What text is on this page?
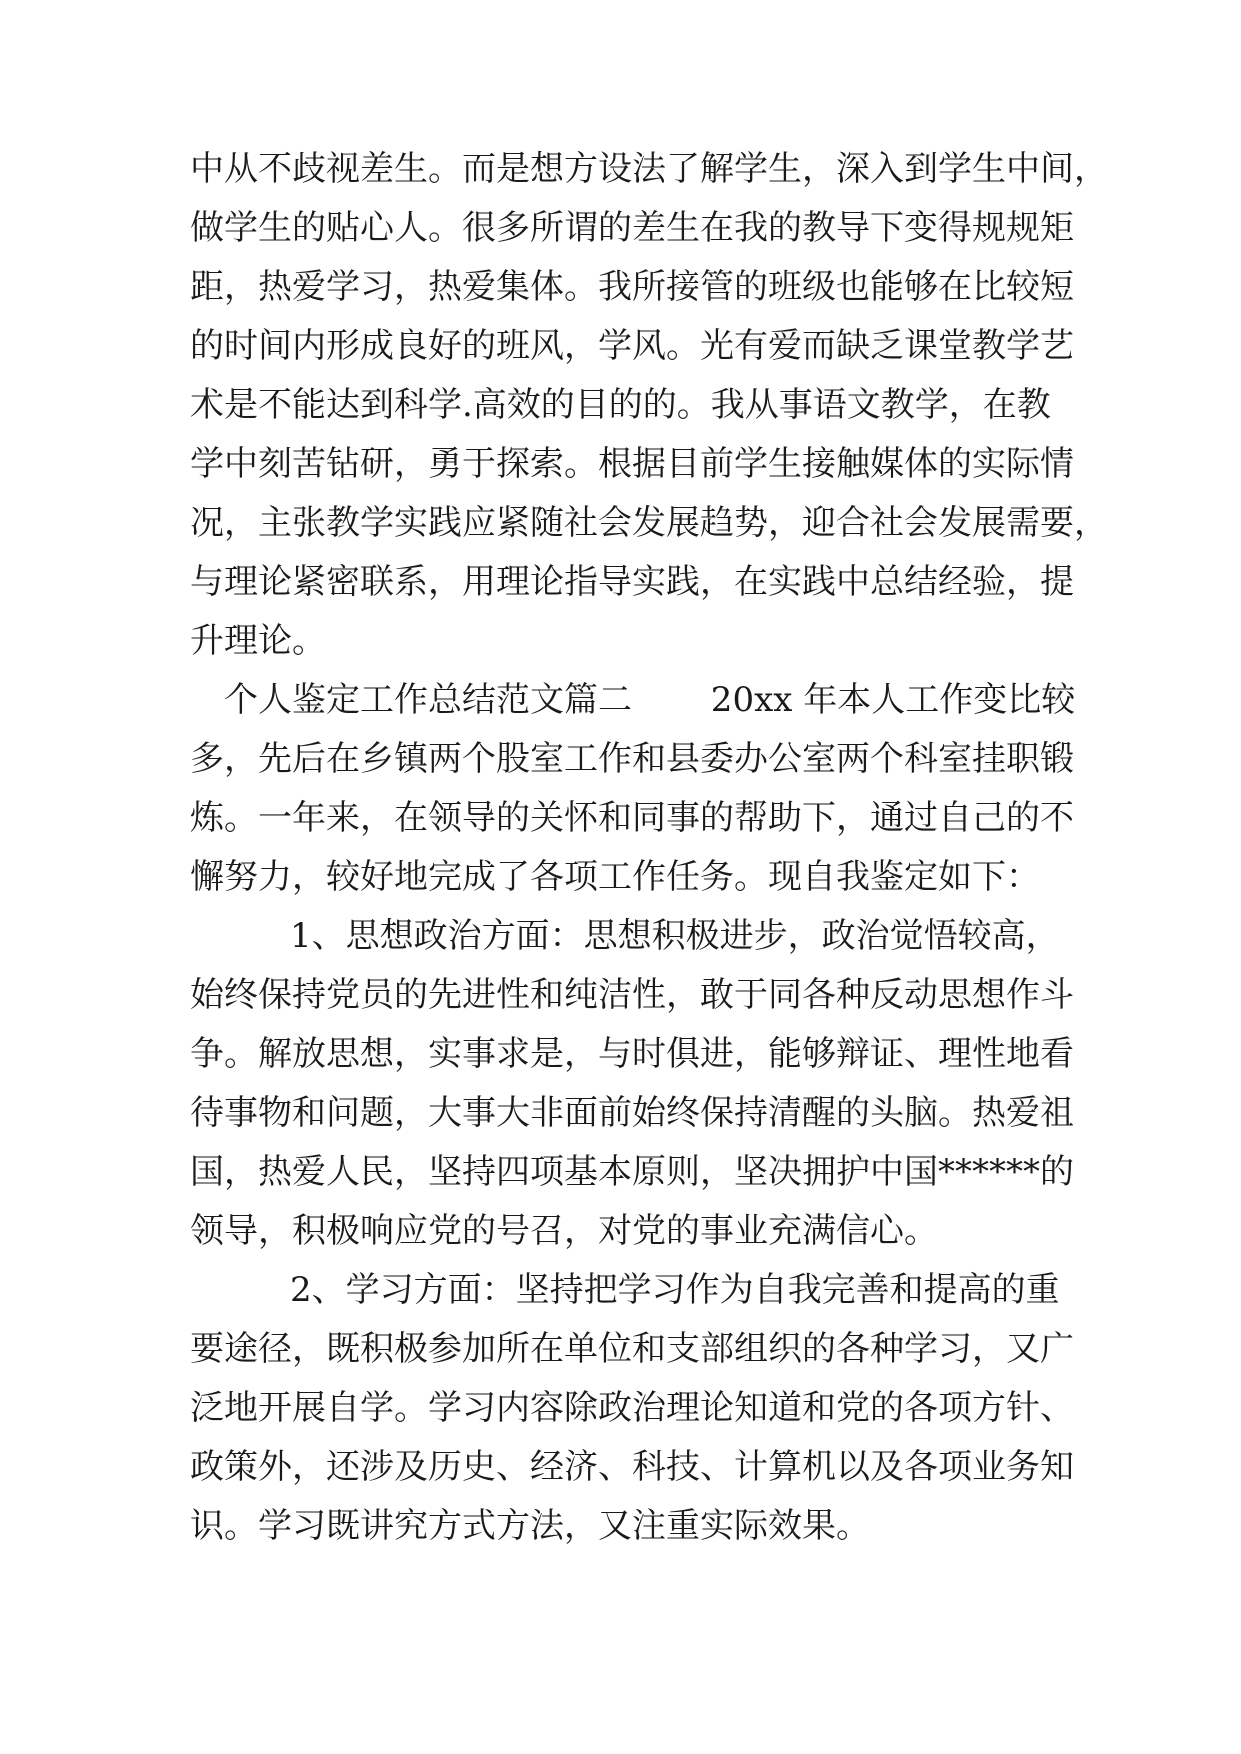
中从不歧视差生。而是想方设法了解学生，深入到学生中间，
做学生的贴心人。很多所谓的差生在我的教导下变得规规矩
距，热爱学习，热爱集体。我所接管的班级也能够在比较短
的时间内形成良好的班风，学风。光有爱而缺乏课堂教学艺
术是不能达到科学.高效的目的的。我从事语文教学，在教
学中刻苦钻研，勇于探索。根据目前学生接触媒体的实际情
况，主张教学实践应紧随社会发展趋势，迎合社会发展需要，
与理论紧密联系，用理论指导实践，在实践中总结经验，提
升理论。
个人鉴定工作总结范文篇二　　 20xx 年本人工作变比较
多，先后在乡镇两个股室工作和县委办公室两个科室挂职锻
炼。一年来，在领导的关怀和同事的帮助下，通过自己的不
懈努力，较好地完成了各项工作任务。现自我鉴定如下：
1、思想政治方面：思想积极进步，政治觉悟较高，
始终保持党员的先进性和纯洁性，敢于同各种反动思想作斗
争。解放思想，实事求是，与时俱进，能够辩证、理性地看
待事物和问题，大事大非面前始终保持清醒的头脑。热爱祖
国，热爱人民，坚持四项基本原则，坚决拥护中国******的
领导，积极响应党的号召，对党的事业充满信心。
2、学习方面：坚持把学习作为自我完善和提高的重
要途径，既积极参加所在单位和支部组织的各种学习，又广
泛地开展自学。学习内容除政治理论知道和党的各项方针、
政策外，还涉及历史、经济、科技、计算机以及各项业务知
识。学习既讲究方式方法，又注重实际效果。
